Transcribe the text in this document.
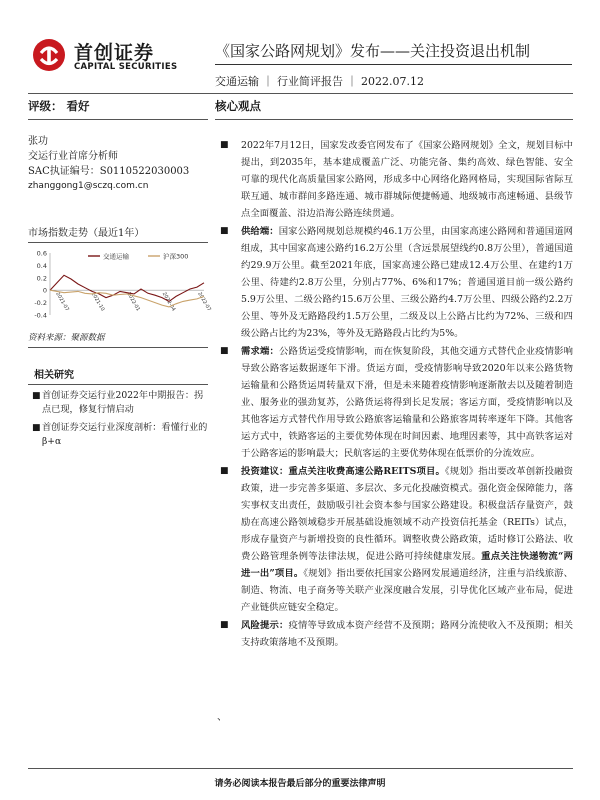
首创证券
CAPITAL SECURITIES
《国家公路网规划》发布——关注投资退出机制
交通运输 ｜ 行业简评报告 ｜ 2022.07.12
评级： 看好
张功
交运行业首席分析师
SAC执证编号：S0110522030003
zhanggong1@sczq.com.cn
市场指数走势（最近1年）
0.6
0.4
0.2
0
-0.2
-0.4
2021-07	2021-10	2022-01	2022-04	2022-07
交通运输	沪深300
资料来源：聚源数据
相关研究
■ 首创证券交运行业2022年中期报告：拐点已现，修复行情启动
■ 首创证券交运行业深度剖析：看懂行业的β+α
核心观点

■ 2022年7月12日，国家发改委官网发布了《国家公路网规划》全文，规划目标中提出，到2035年，基本建成覆盖广泛、功能完备、集约高效、绿色智能、安全可靠的现代化高质量国家公路网，形成多中心网络化路网格局，实现国际省际互联互通、城市群间多路连通、城市群城际便捷畅通、地级城市高速畅通、县级节点全面覆盖、沿边沿海公路连续贯通。

■ 供给端：国家公路网规划总规模约46.1万公里，由国家高速公路网和普通国道网组成，其中国家高速公路约16.2万公里（含远景展望线约0.8万公里），普通国道约29.9万公里。截至2021年底，国家高速公路已建成12.4万公里、在建约1万公里、待建约2.8万公里，分别占77%、6%和17%；普通国道目前一级公路约5.9万公里、二级公路约15.6万公里、三级公路约4.7万公里、四级公路约2.2万公里、等外及无路路段约1.5万公里，二级及以上公路占比约为72%、三级和四级公路占比约为23%，等外及无路路段占比约为5%。

■ 需求端：公路货运受疫情影响，而在恢复阶段，其他交通方式替代企业疫情影响导致公路客运数据逐年下滑。货运方面，受疫情影响导致2020年以来公路货物运输量和公路货运周转量双下滑，但是未来随着疫情影响逐渐散去以及随着制造业、服务业的强劲复苏，公路货运将得到长足发展；客运方面，受疫情影响以及其他客运方式替代作用导致公路旅客运输量和公路旅客周转率逐年下降。其他客运方式中，铁路客运的主要优势体现在时间因素、地理因素等，其中高铁客运对于公路客运的影响最大；民航客运的主要优势体现在低票价的分流效应。

■ 投资建议：重点关注收费高速公路REITS项目。《规划》指出要改革创新投融资政策，进一步完善多渠道、多层次、多元化投融资模式。强化资金保障能力，落实事权支出责任，鼓励吸引社会资本参与国家公路建设。积极盘活存量资产，鼓励在高速公路领域稳步开展基础设施领域不动产投资信托基金（REITs）试点，形成存量资产与新增投资的良性循环。调整收费公路政策，适时修订公路法、收费公路管理条例等法律法规，促进公路可持续健康发展。重点关注快递物流“两进一出”项目。《规划》指出要依托国家公路网发展通道经济，注重与沿线旅游、制造、物流、电子商务等关联产业深度融合发展，引导优化区域产业布局，促进产业链供应链安全稳定。

■ 风险提示：疫情等导致成本资产经营不及预期；路网分流使收入不及预期；相关支持政策落地不及预期。

、
请务必阅读本报告最后部分的重要法律声明
